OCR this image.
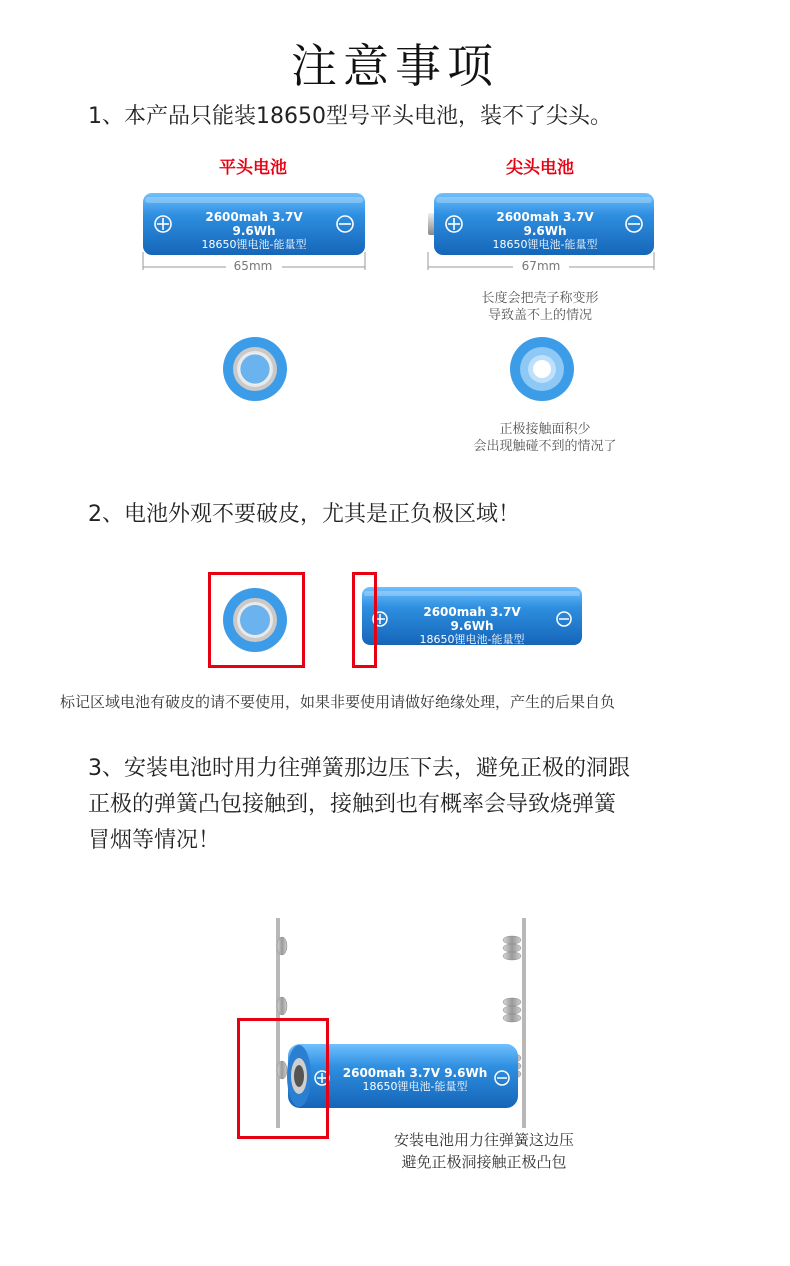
注意事项
1、本产品只能装18650型号平头电池，装不了尖头。
平头电池	尖头电池
2600mah 3.7V 9.6Wh
18650锂电池-能量型
2600mah 3.7V 9.6Wh
18650锂电池-能量型
65mm	67mm
长度会把壳子称变形
导致盖不上的情况
正极接触面积少
会出现触碰不到的情况了
2、电池外观不要破皮，尤其是正负极区域！
2600mah 3.7V 9.6Wh
18650锂电池-能量型
标记区域电池有破皮的请不要使用，如果非要使用请做好绝缘处理，产生的后果自负
3、安装电池时用力往弹簧那边压下去，避免正极的洞跟
正极的弹簧凸包接触到，接触到也有概率会导致烧弹簧
冒烟等情况！
2600mah 3.7V 9.6Wh
18650锂电池-能量型
安装电池用力往弹簧这边压
避免正极洞接触正极凸包
